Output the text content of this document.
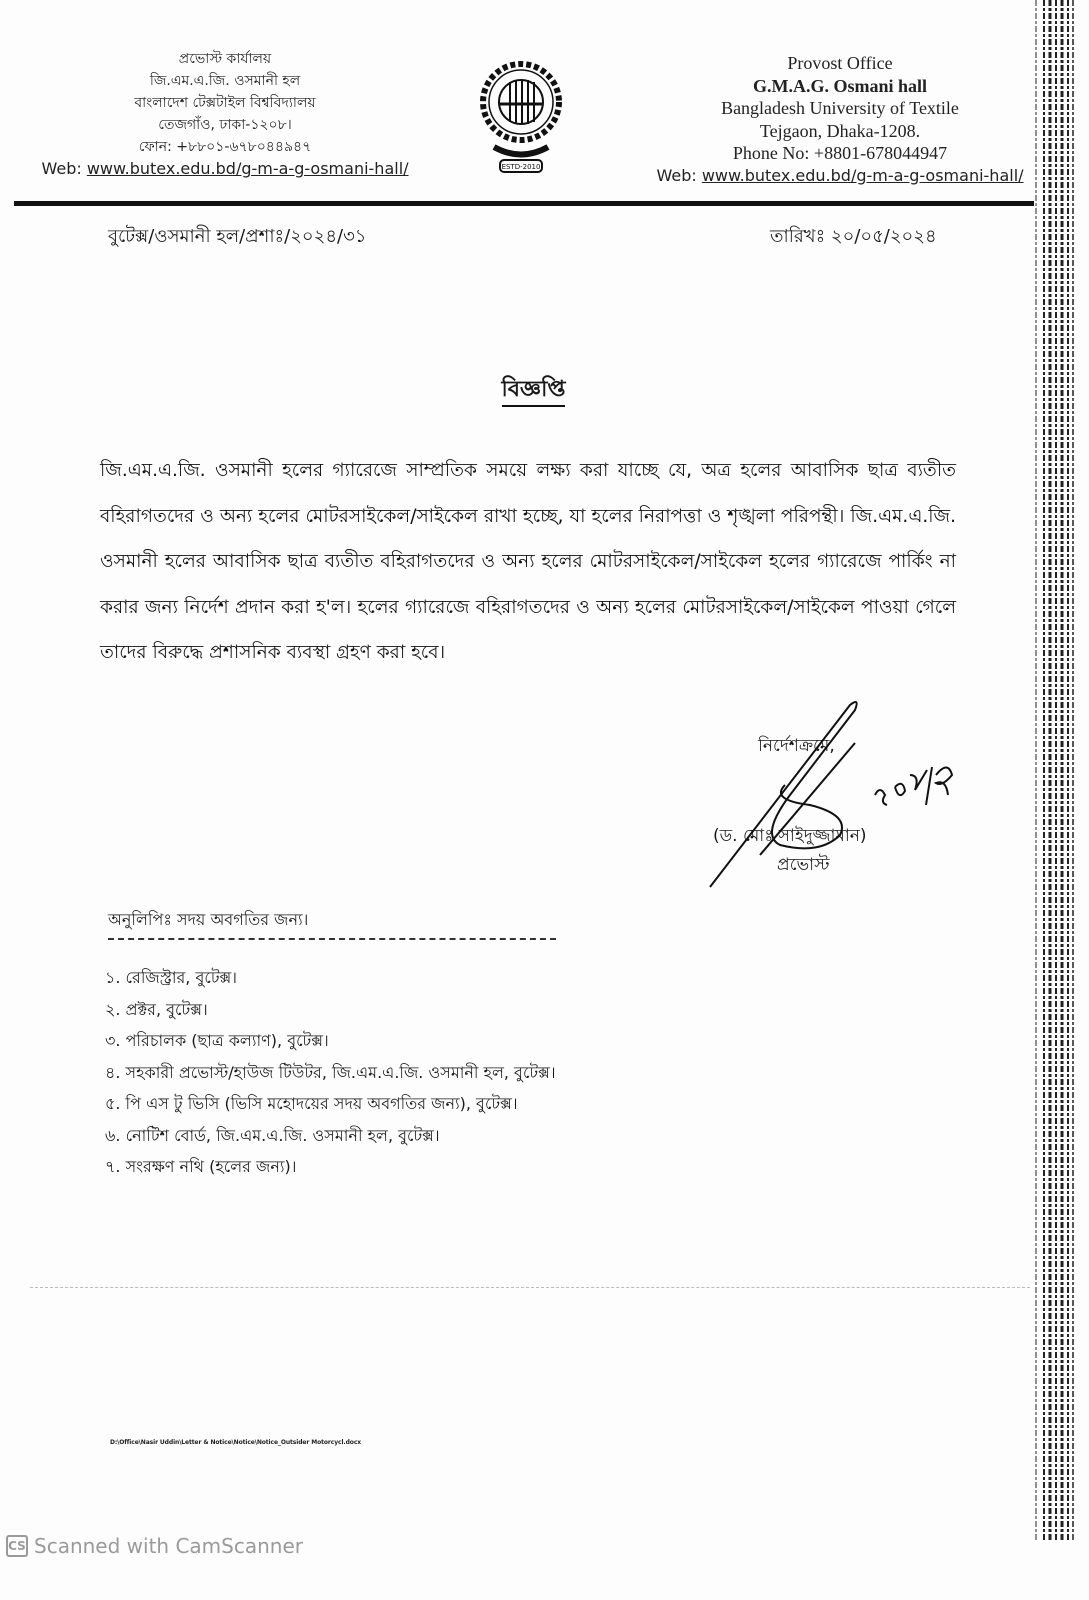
প্রভোস্ট কার্যালয়
জি.এম.এ.জি. ওসমানী হল
বাংলাদেশ টেক্সটাইল বিশ্ববিদ্যালয়
তেজগাঁও, ঢাকা-১২০৮।
ফোন: +৮৮০১-৬৭৮০৪৪৯৪৭
Web: www.butex.edu.bd/g-m-a-g-osmani-hall/	ESTD-2010
Provost Office
G.M.A.G. Osmani hall
Bangladesh University of Textile
Tejgaon, Dhaka-1208.
Phone No: +8801-678044947
Web: www.butex.edu.bd/g-m-a-g-osmani-hall/
বুটেক্স/ওসমানী হল/প্রশাঃ/২০২৪/৩১	তারিখঃ ২০/০৫/২০২৪
বিজ্ঞপ্তি
জি.এম.এ.জি. ওসমানী হলের গ্যারেজে সাম্প্রতিক সময়ে লক্ষ্য করা যাচ্ছে যে, অত্র হলের আবাসিক ছাত্র ব্যতীত বহিরাগতদের ও অন্য হলের মোটরসাইকেল/সাইকেল রাখা হচ্ছে, যা হলের নিরাপত্তা ও শৃঙ্খলা পরিপন্থী। জি.এম.এ.জি. ওসমানী হলের আবাসিক ছাত্র ব্যতীত বহিরাগতদের ও অন্য হলের মোটরসাইকেল/সাইকেল হলের গ্যারেজে পার্কিং না করার জন্য নির্দেশ প্রদান করা হ'ল। হলের গ্যারেজে বহিরাগতদের ও অন্য হলের মোটরসাইকেল/সাইকেল পাওয়া গেলে তাদের বিরুদ্ধে প্রশাসনিক ব্যবস্থা গ্রহণ করা হবে।
নির্দেশক্রমে,
(ড. মোঃ সাইদুজ্জামান)
প্রভোস্ট
অনুলিপিঃ সদয় অবগতির জন্য।
১. রেজিস্ট্রার, বুটেক্স।
২. প্রক্টর, বুটেক্স।
৩. পরিচালক (ছাত্র কল্যাণ), বুটেক্স।
৪. সহকারী প্রভোস্ট/হাউজ টিউটর, জি.এম.এ.জি. ওসমানী হল, বুটেক্স।
৫. পি এস টু ভিসি (ভিসি মহোদয়ের সদয় অবগতির জন্য), বুটেক্স।
৬. নোটিশ বোর্ড, জি.এম.এ.জি. ওসমানী হল, বুটেক্স।
৭. সংরক্ষণ নথি (হলের জন্য)।
D:\Office\Nasir Uddin\Letter & Notice\Notice\Notice_Outsider Motorcycl.docx
CS Scanned with CamScanner
